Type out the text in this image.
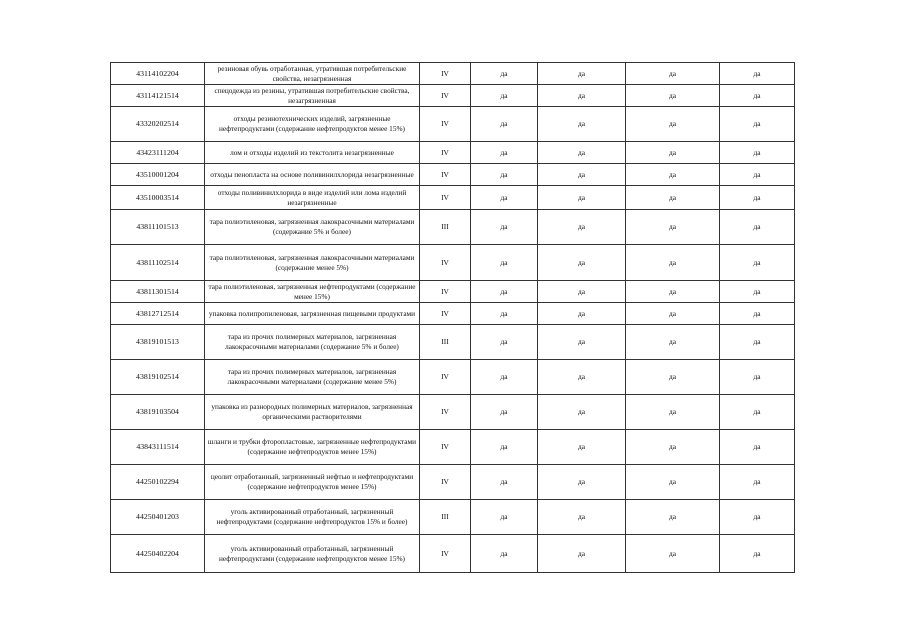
43114102204	резиновая обувь отработанная, утратившая потребительские свойства, незагрязненная	IV	да	да	да	да
43114121514	спецодежда из резины, утратившая потребительские свойства, незагрязненная	IV	да	да	да	да
43320202514	отходы резинотехнических изделий, загрязненные нефтепродуктами (содержание нефтепродуктов менее 15%)	IV	да	да	да	да
43423111204	лом и отходы изделий из текстолита незагрязненные	IV	да	да	да	да
43510001204	отходы пенопласта на основе поливинилхлорида незагрязненные	IV	да	да	да	да
43510003514	отходы поливинилхлорида в виде изделий или лома изделий незагрязненные	IV	да	да	да	да
43811101513	тара полиэтиленовая, загрязненная лакокрасочными материалами (содержание 5% и более)	III	да	да	да	да
43811102514	тара полиэтиленовая, загрязненная лакокрасочными материалами (содержание менее 5%)	IV	да	да	да	да
43811301514	тара полиэтиленовая, загрязненная нефтепродуктами (содержание менее 15%)	IV	да	да	да	да
43812712514	упаковка полипропиленовая, загрязненная пищевыми продуктами	IV	да	да	да	да
43819101513	тара из прочих полимерных материалов, загрязненная лакокрасочными материалами (содержание 5% и более)	III	да	да	да	да
43819102514	тара из прочих полимерных материалов, загрязненная лакокрасочными материалами (содержание менее 5%)	IV	да	да	да	да
43819103504	упаковка из разнородных полимерных материалов, загрязненная органическими растворителями	IV	да	да	да	да
43843111514	шланги и трубки фторопластовые, загрязненные нефтепродуктами (содержание нефтепродуктов менее 15%)	IV	да	да	да	да
44250102294	цеолит отработанный, загрязненный нефтью и нефтепродуктами (содержание нефтепродуктов менее 15%)	IV	да	да	да	да
44250401203	уголь активированный отработанный, загрязненный нефтепродуктами (содержание нефтепродуктов 15% и более)	III	да	да	да	да
44250402204	уголь активированный отработанный, загрязненный нефтепродуктами (содержание нефтепродуктов менее 15%)	IV	да	да	да	да
